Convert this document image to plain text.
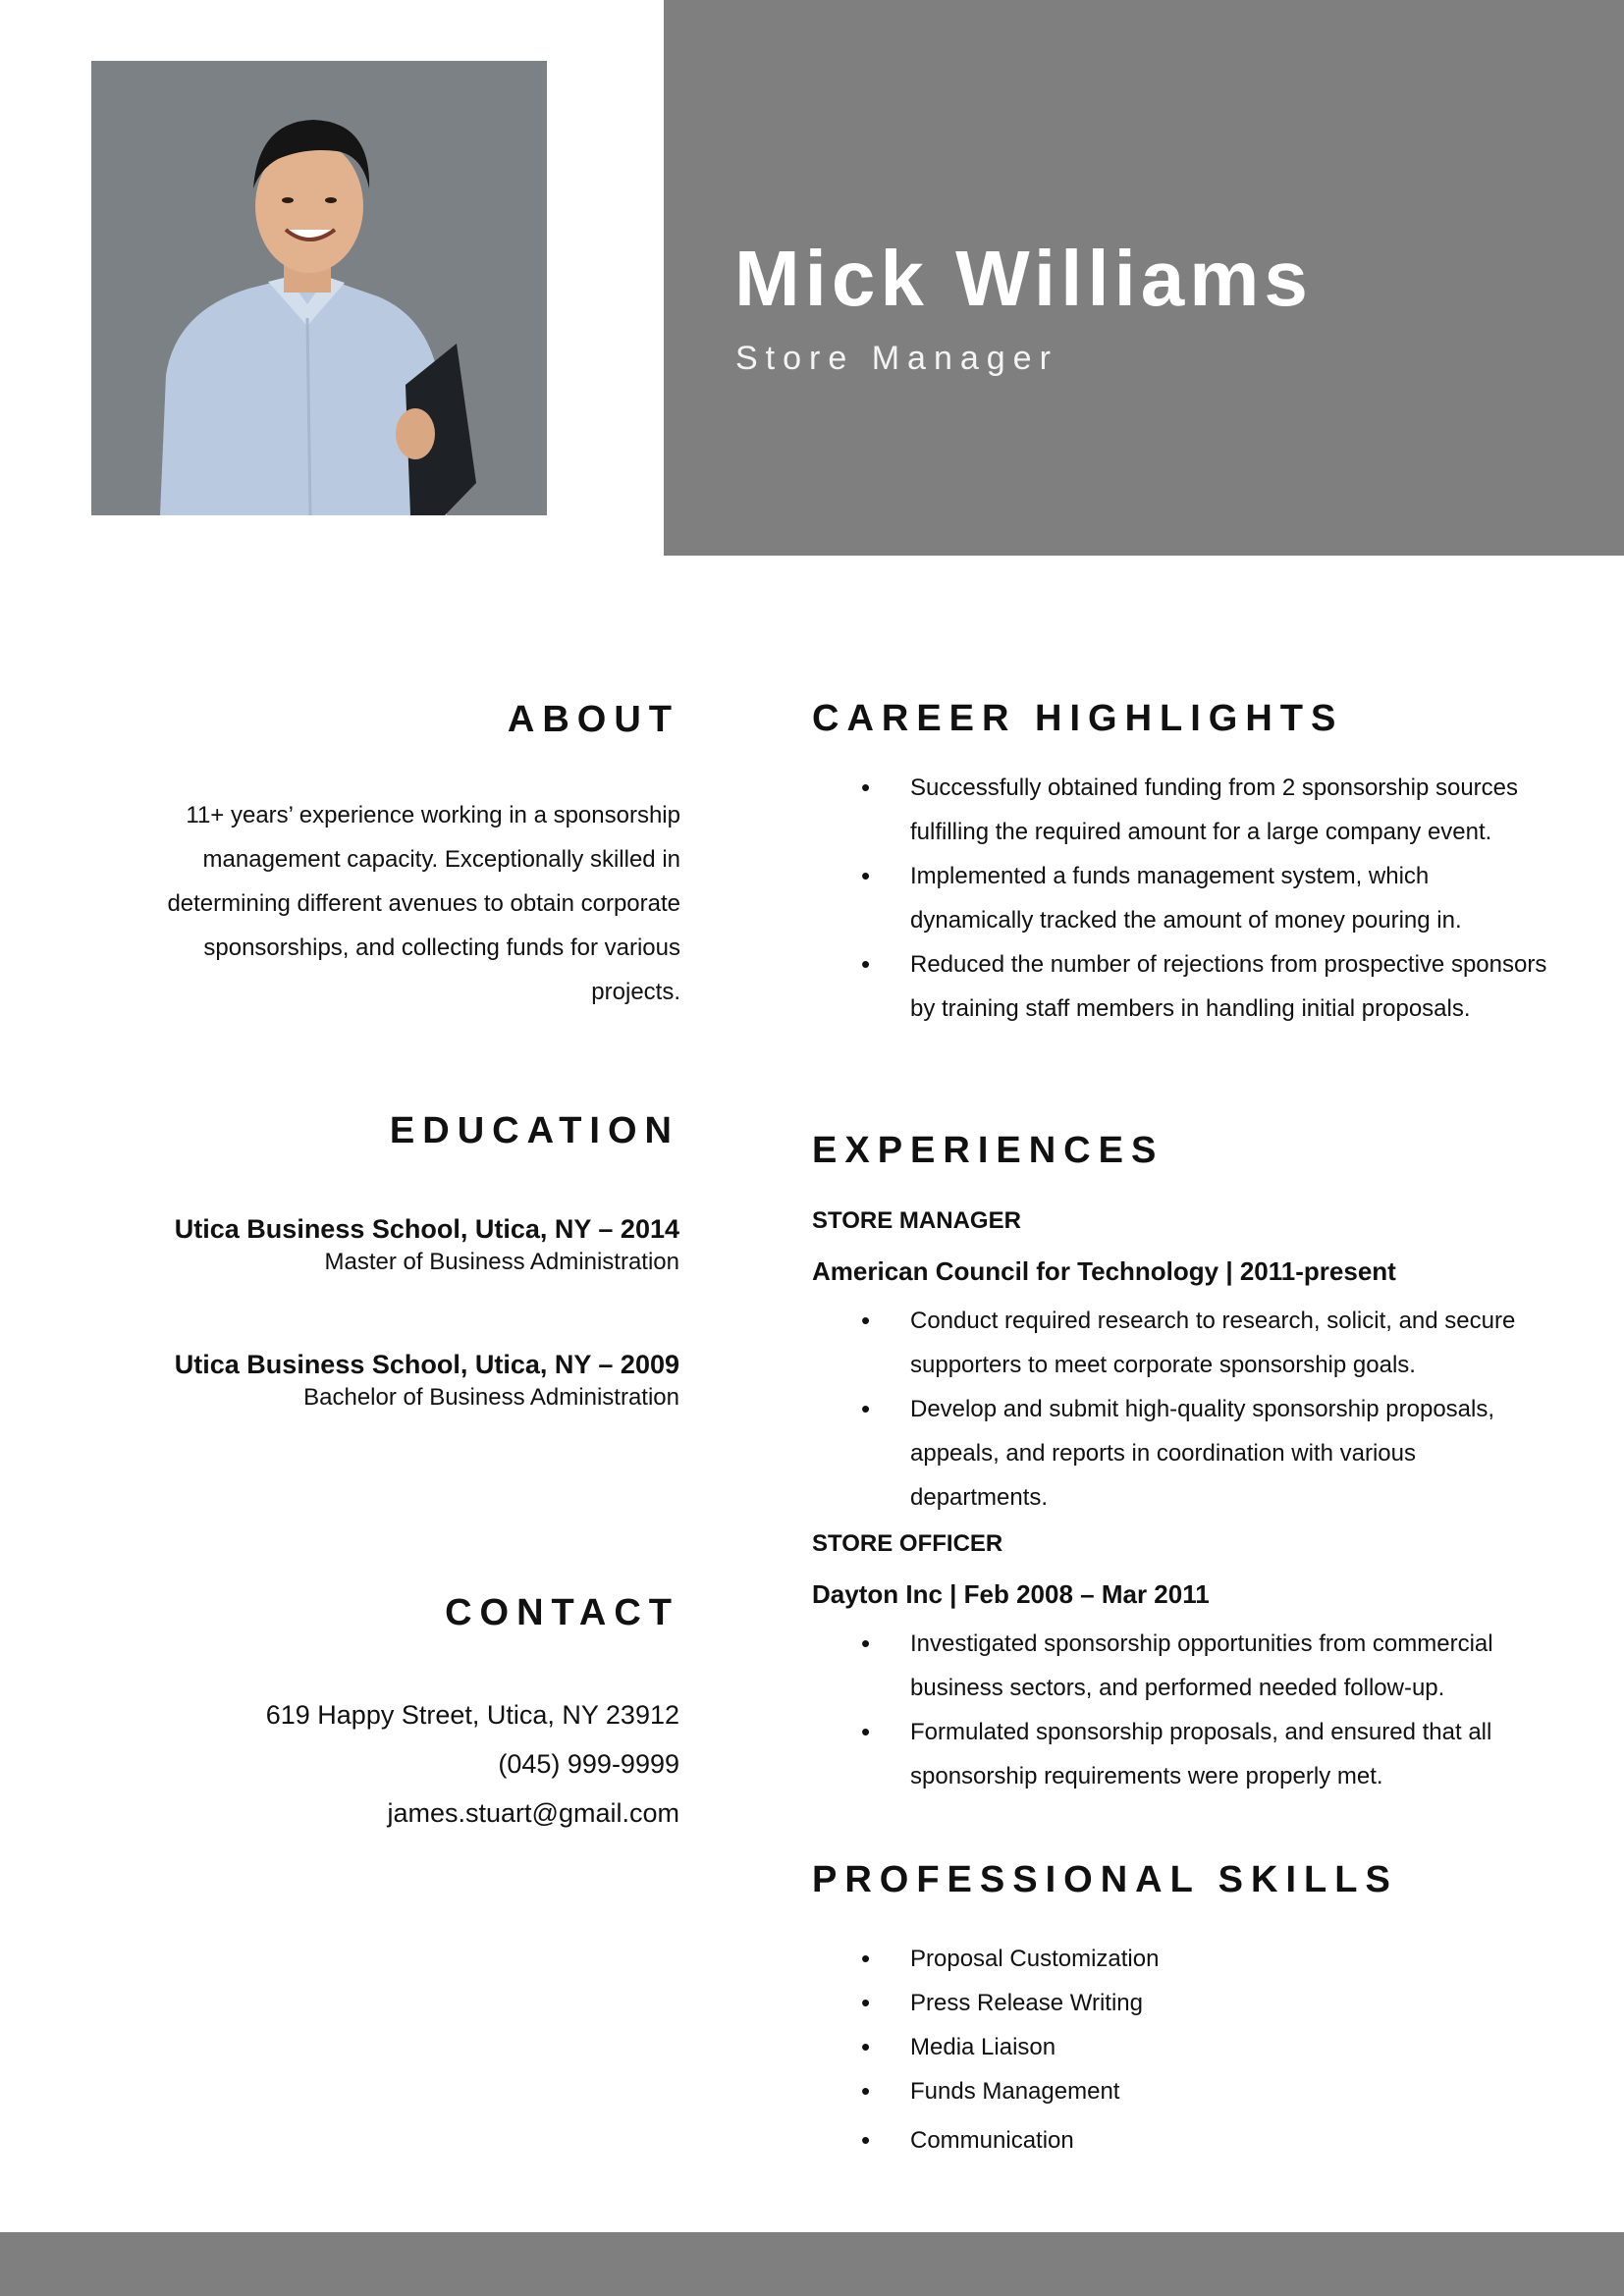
Mick Williams
Store Manager
ABOUT

11+ years’ experience working in a sponsorship management capacity. Exceptionally skilled in determining different avenues to obtain corporate sponsorships, and collecting funds for various projects.

EDUCATION
Utica Business School, Utica, NY – 2014
Master of Business Administration
Utica Business School, Utica, NY – 2009
Bachelor of Business Administration
CONTACT
619 Happy Street, Utica, NY 23912
(045) 999-9999
james.stuart@gmail.com
CAREER HIGHLIGHTS
• Successfully obtained funding from 2 sponsorship sources fulfilling the required amount for a large company event.
• Implemented a funds management system, which dynamically tracked the amount of money pouring in.
• Reduced the number of rejections from prospective sponsors by training staff members in handling initial proposals.
EXPERIENCES
STORE MANAGER
American Council for Technology | 2011-present
• Conduct required research to research, solicit, and secure supporters to meet corporate sponsorship goals.
• Develop and submit high-quality sponsorship proposals, appeals, and reports in coordination with various departments.
STORE OFFICER
Dayton Inc | Feb 2008 – Mar 2011
• Investigated sponsorship opportunities from commercial business sectors, and performed needed follow-up.
• Formulated sponsorship proposals, and ensured that all sponsorship requirements were properly met.
PROFESSIONAL SKILLS
• Proposal Customization
• Press Release Writing
• Media Liaison
• Funds Management
• Communication
